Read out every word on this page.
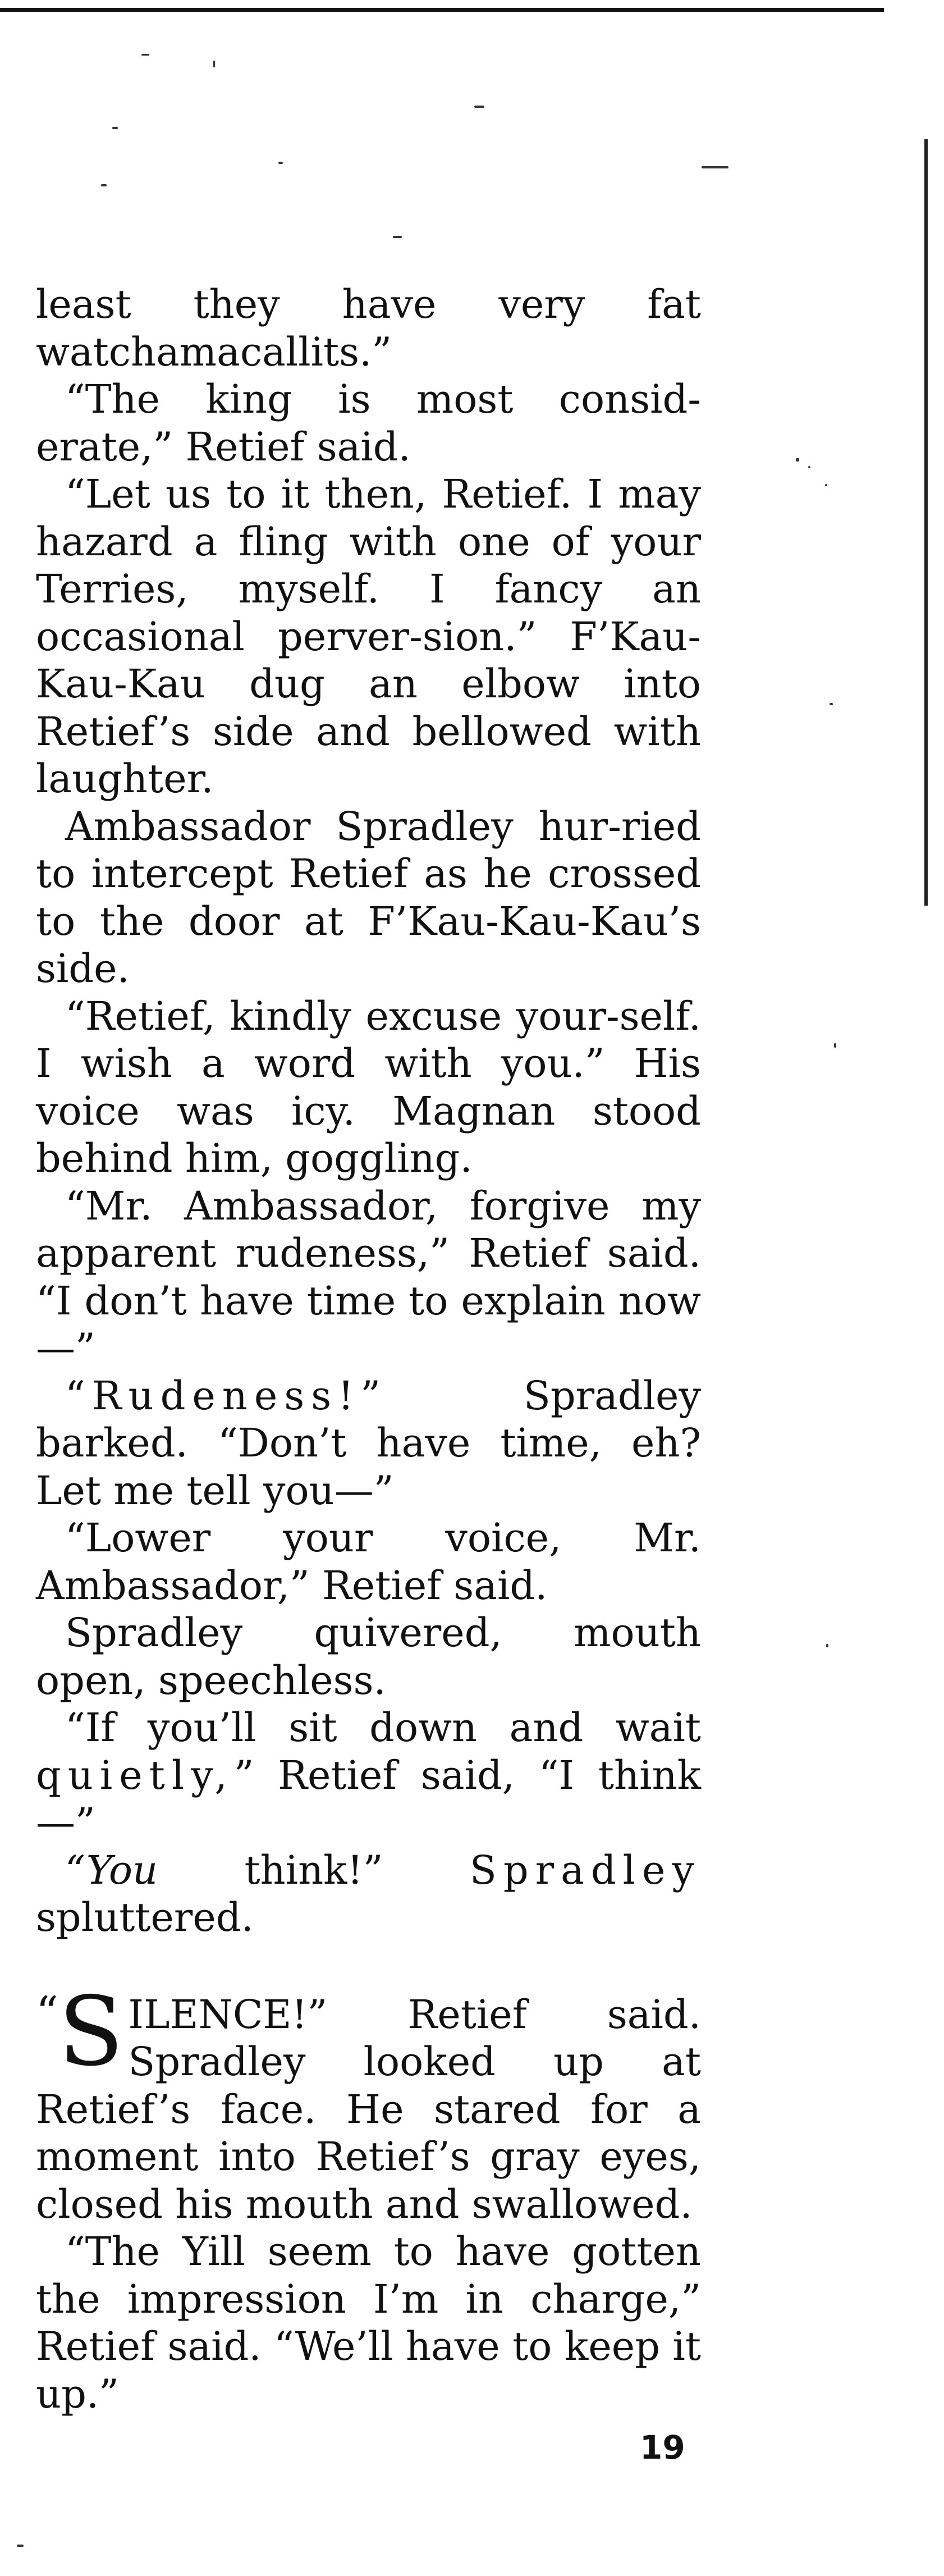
least they have very fat watchamacallits.”

“The king is most consid-erate,” Retief said.

“Let us to it then, Retief. I may hazard a fling with one of your Terries, myself. I fancy an occasional perver-sion.” F’Kau-Kau-Kau dug an elbow into Retief’s side and bellowed with laughter.

Ambassador Spradley hur-ried to intercept Retief as he crossed to the door at F’Kau-Kau-Kau’s side.

“Retief, kindly excuse your-self. I wish a word with you.” His voice was icy. Magnan stood behind him, goggling.

“Mr. Ambassador, forgive my apparent rudeness,” Retief said. “I don’t have time to explain now—”

“Rudeness!” Spradley barked. “Don’t have time, eh? Let me tell you—”

“Lower your voice, Mr. Ambassador,” Retief said.

Spradley quivered, mouth open, speechless.

“If you’ll sit down and wait quietly,” Retief said, “I think—”

“You think!” Spradley spluttered.

“S ILENCE!” Retief said. Spradley looked up at Retief’s face. He stared for a moment into Retief’s gray eyes, closed his mouth and swallowed.

“The Yill seem to have gotten the impression I’m in charge,” Retief said. “We’ll have to keep it up.”

19
